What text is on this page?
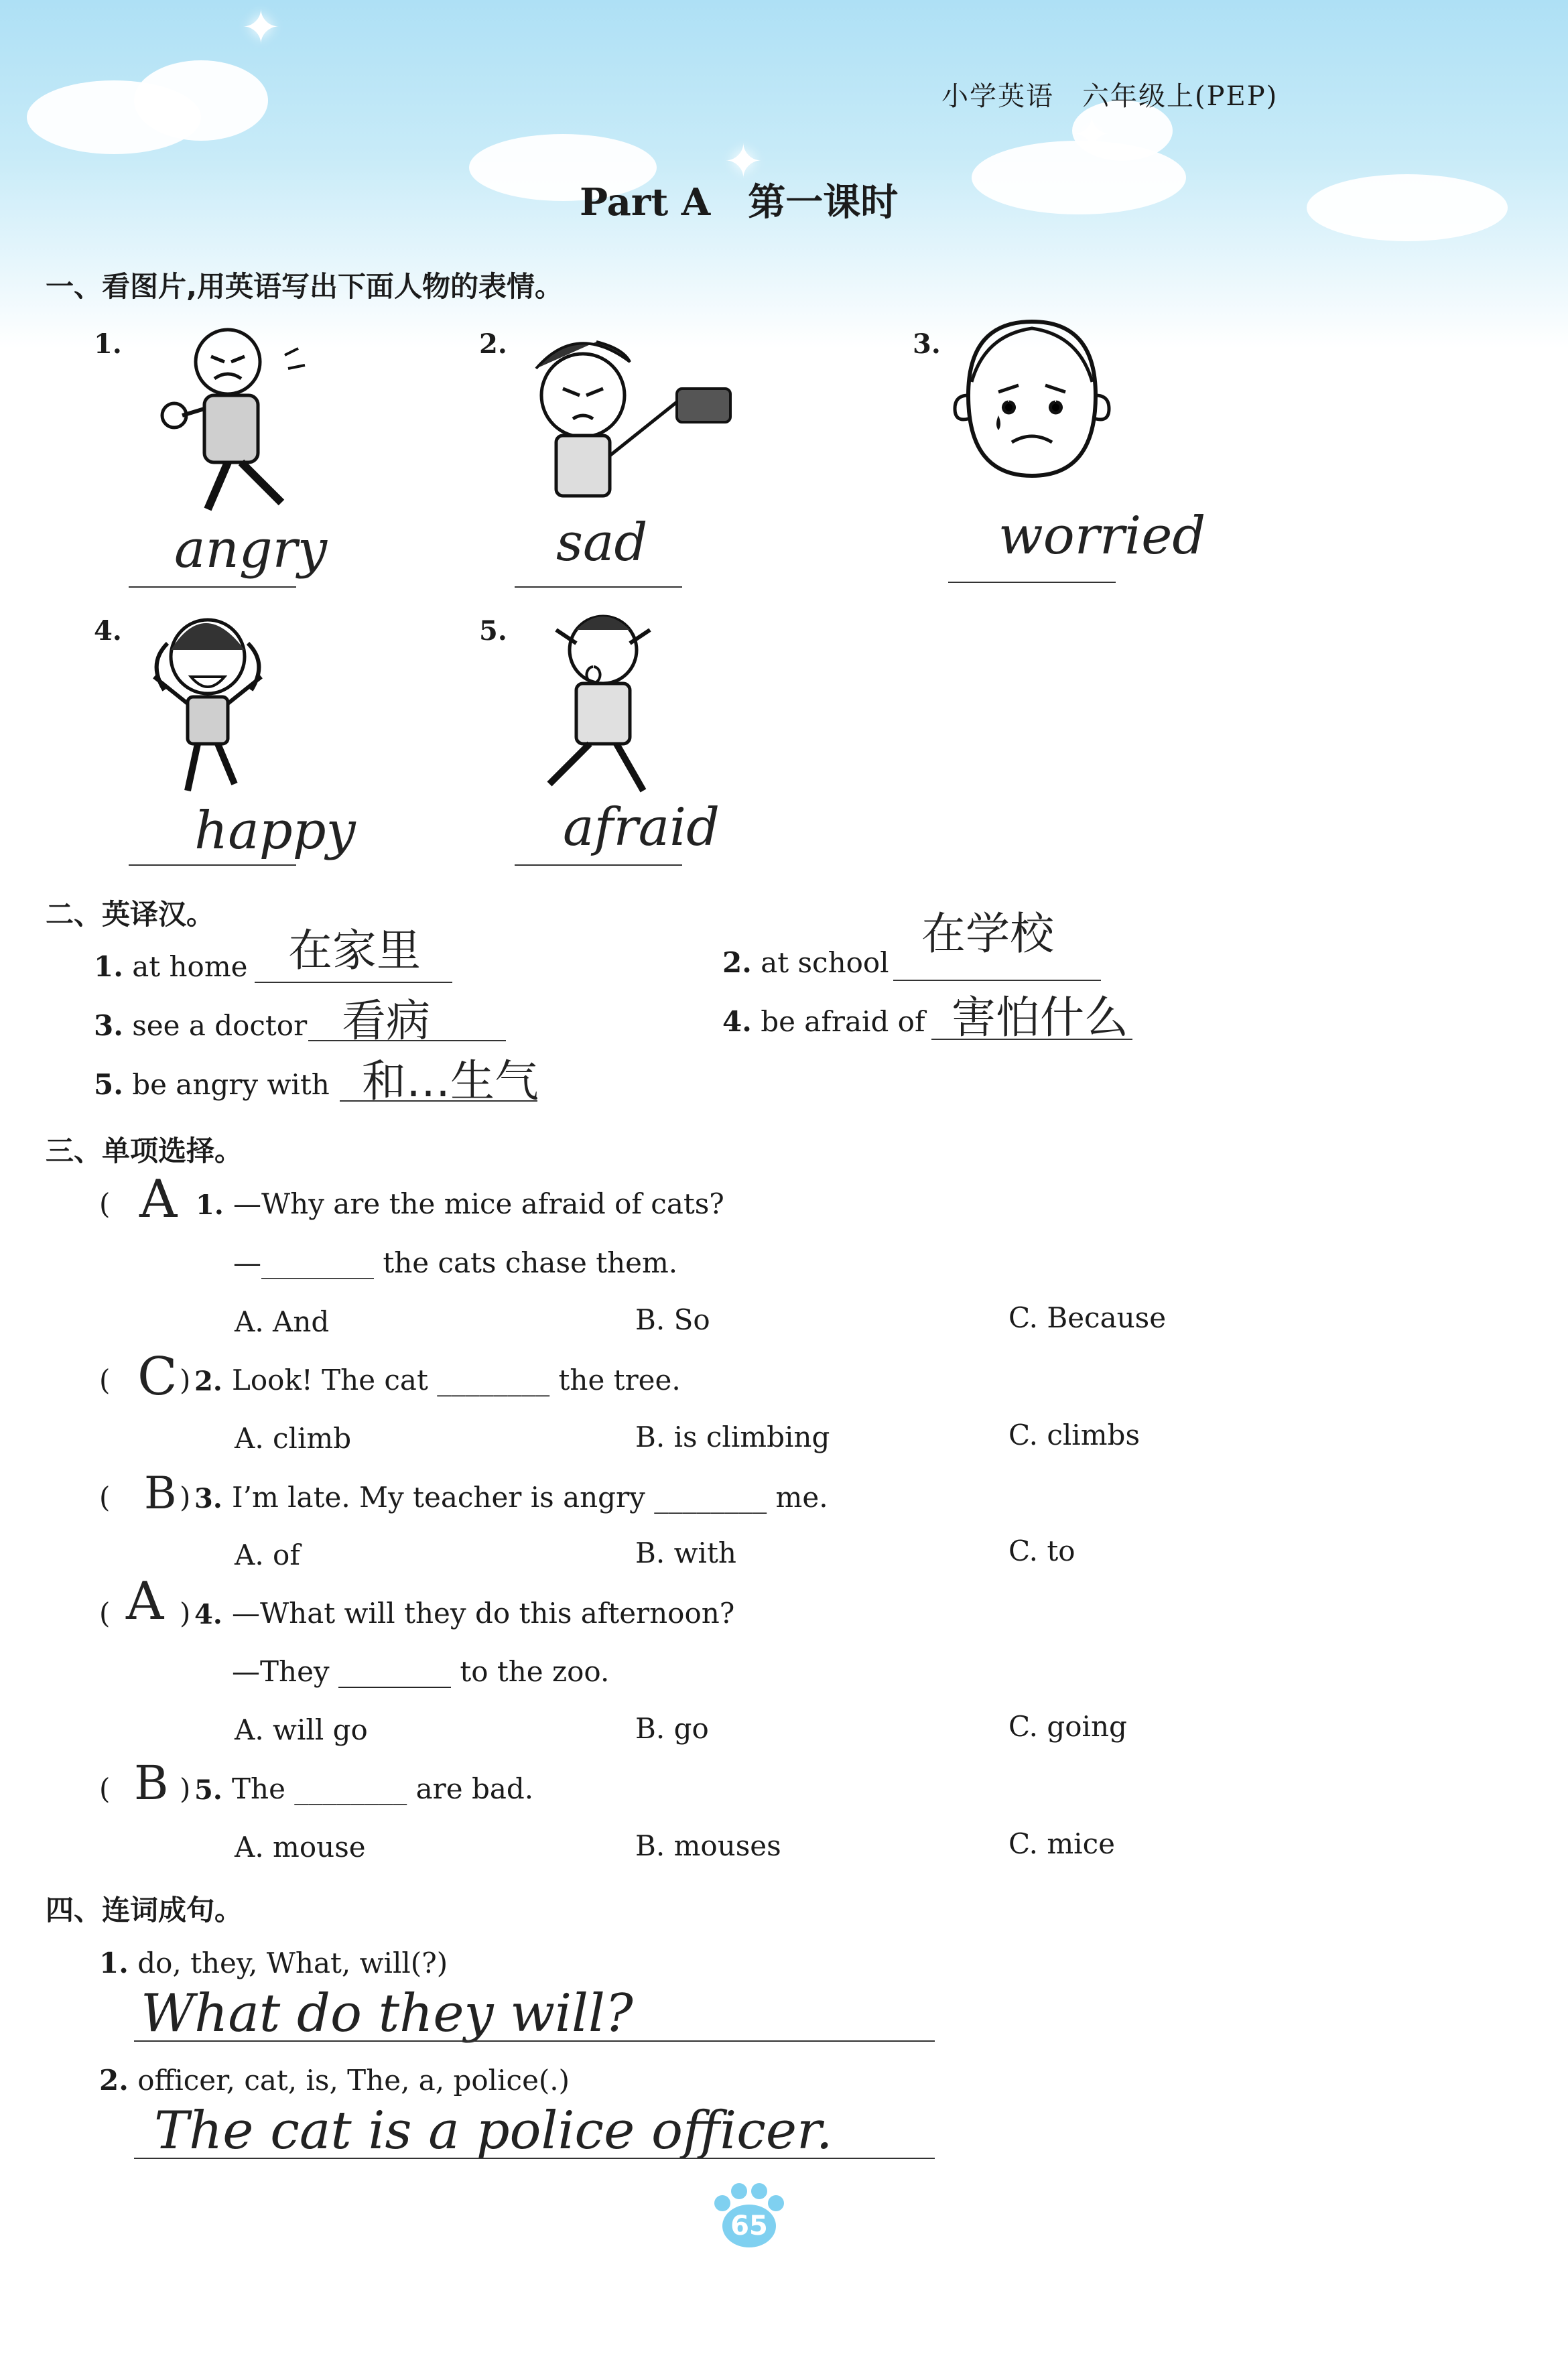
✦
✦
✦
小学英语　六年级上(PEP)
Part A　第一课时
一、看图片,用英语写出下面人物的表情。
1.	2.	3.
4.	5.
angry	sad	worried
happy	afraid
二、英译汉。
1. at home 在家里	2. at school
在学校
3. see a doctor 看病	4. be afraid of 害怕什么
5. be angry with 和…生气
三、单项选择。
( A 1. —Why are the mice afraid of cats?
—________ the cats chase them.
A. And	B. So	C. Because
( C ) 2. Look! The cat ________ the tree.
A. climb	B. is climbing	C. climbs
( B ) 3. I’m late. My teacher is angry ________ me.
A. of	B. with	C. to
( A ) 4. —What will they do this afternoon?
—They ________ to the zoo.
A. will go	B. go	C. going
( B ) 5. The ________ are bad.
A. mouse	B. mouses	C. mice
四、连词成句。
1. do, they, What, will(?)
What do they will?
2. officer, cat, is, The, a, police(.)
The cat is a police officer.
65
